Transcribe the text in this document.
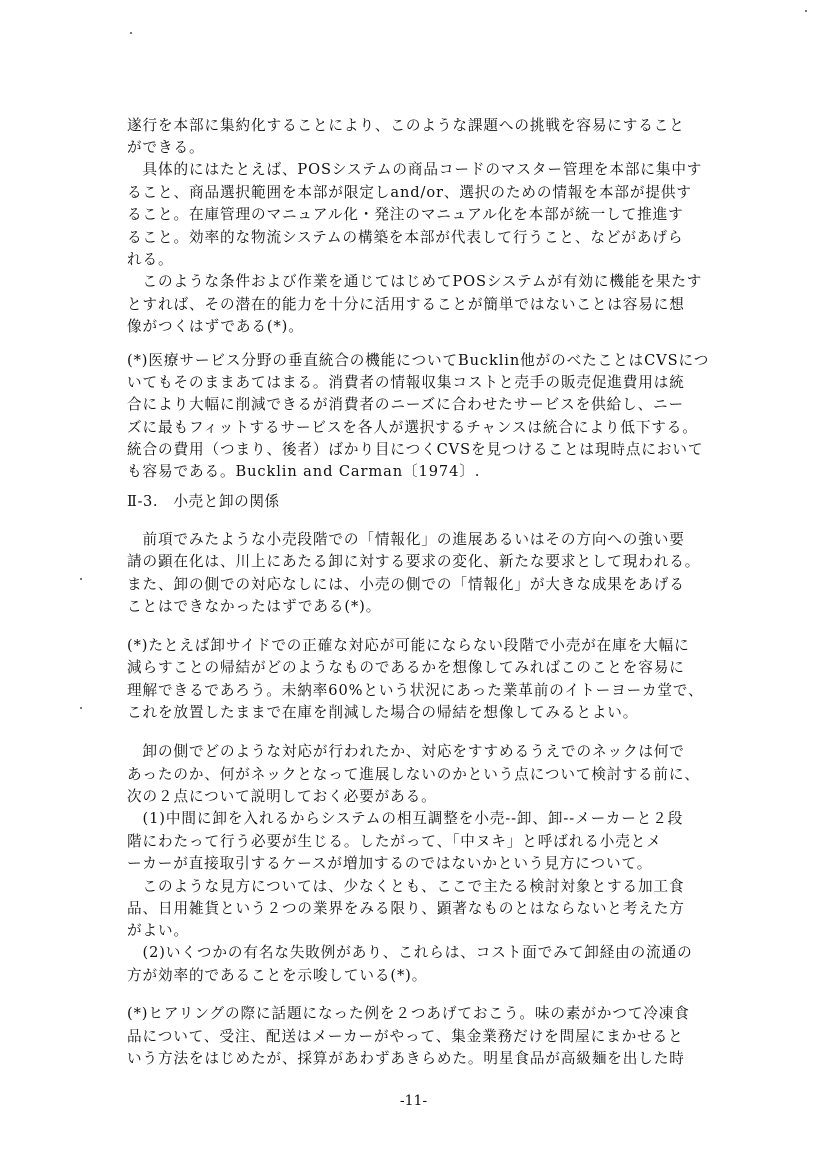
遂行を本部に集約化することにより、このような課題への挑戦を容易にすること
ができる。
　具体的にはたとえば、POSシステムの商品コードのマスター管理を本部に集中す
ること、商品選択範囲を本部が限定しand/or、選択のための情報を本部が提供す
ること。在庫管理のマニュアル化・発注のマニュアル化を本部が統一して推進す
ること。効率的な物流システムの構築を本部が代表して行うこと、などがあげら
れる。
　このような条件および作業を通じてはじめてPOSシステムが有効に機能を果たす
とすれば、その潜在的能力を十分に活用することが簡単ではないことは容易に想
像がつくはずである(*)。
(*)医療サービス分野の垂直統合の機能についてBucklin他がのべたことはCVSにつ
いてもそのままあてはまる。消費者の情報収集コストと売手の販売促進費用は統
合により大幅に削減できるが消費者のニーズに合わせたサービスを供給し、ニー
ズに最もフィットするサービスを各人が選択するチャンスは統合により低下する。
統合の費用（つまり、後者）ばかり目につくCVSを見つけることは現時点において
も容易である。Bucklin and Carman〔1974〕.
Ⅱ-3.　小売と卸の関係
　前項でみたような小売段階での「情報化」の進展あるいはその方向への強い要
請の顕在化は、川上にあたる卸に対する要求の変化、新たな要求として現われる。
また、卸の側での対応なしには、小売の側での「情報化」が大きな成果をあげる
ことはできなかったはずである(*)。
(*)たとえば卸サイドでの正確な対応が可能にならない段階で小売が在庫を大幅に
減らすことの帰結がどのようなものであるかを想像してみればこのことを容易に
理解できるであろう。未納率60%という状況にあった業革前のイトーヨーカ堂で、
これを放置したままで在庫を削減した場合の帰結を想像してみるとよい。
　卸の側でどのような対応が行われたか、対応をすすめるうえでのネックは何で
あったのか、何がネックとなって進展しないのかという点について検討する前に、
次の２点について説明しておく必要がある。
　(1)中間に卸を入れるからシステムの相互調整を小売--卸、卸--メーカーと２段
階にわたって行う必要が生じる。したがって、「中ヌキ」と呼ばれる小売とメ
ーカーが直接取引するケースが増加するのではないかという見方について。
　このような見方については、少なくとも、ここで主たる検討対象とする加工食
品、日用雑貨という２つの業界をみる限り、顕著なものとはならないと考えた方
がよい。
　(2)いくつかの有名な失敗例があり、これらは、コスト面でみて卸経由の流通の
方が効率的であることを示唆している(*)。
(*)ヒアリングの際に話題になった例を２つあげておこう。味の素がかつて冷凍食
品について、受注、配送はメーカーがやって、集金業務だけを問屋にまかせると
いう方法をはじめたが、採算があわずあきらめた。明星食品が高級麺を出した時
-11-
